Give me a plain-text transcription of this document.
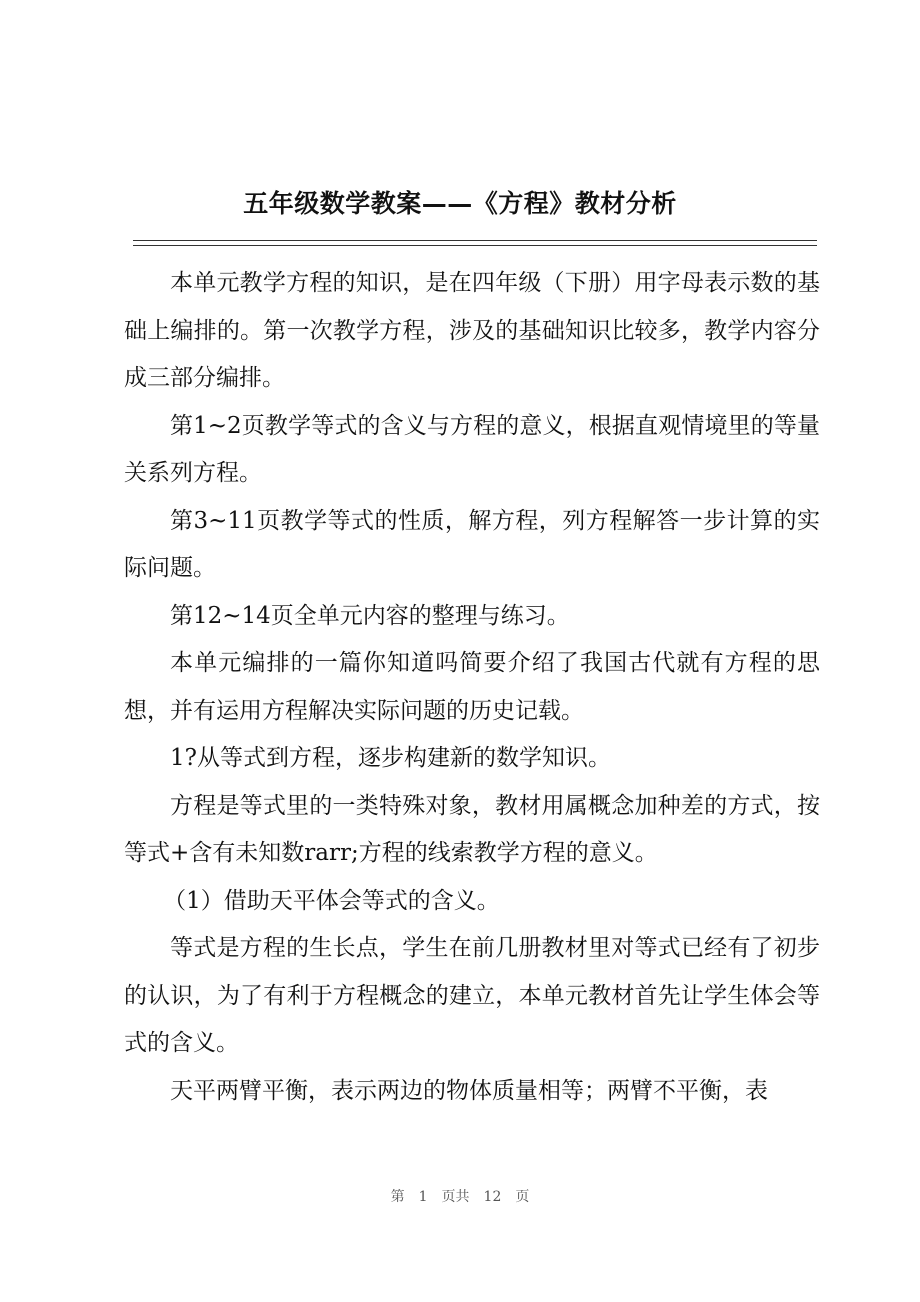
五年级数学教案——《方程》教材分析

本单元教学方程的知识，是在四年级（下册）用字母表示数的基础上编排的。第一次教学方程，涉及的基础知识比较多，教学内容分成三部分编排。

第1~2页教学等式的含义与方程的意义，根据直观情境里的等量关系列方程。

第3~11页教学等式的性质，解方程，列方程解答一步计算的实际问题。

第12~14页全单元内容的整理与练习。

本单元编排的一篇你知道吗简要介绍了我国古代就有方程的思想，并有运用方程解决实际问题的历史记载。

1?从等式到方程，逐步构建新的数学知识。

方程是等式里的一类特殊对象，教材用属概念加种差的方式，按等式+含有未知数rarr;方程的线索教学方程的意义。

（1）借助天平体会等式的含义。

等式是方程的生长点，学生在前几册教材里对等式已经有了初步的认识，为了有利于方程概念的建立，本单元教材首先让学生体会等式的含义。

天平两臂平衡，表示两边的物体质量相等；两臂不平衡，表

第 1 页共 12 页
